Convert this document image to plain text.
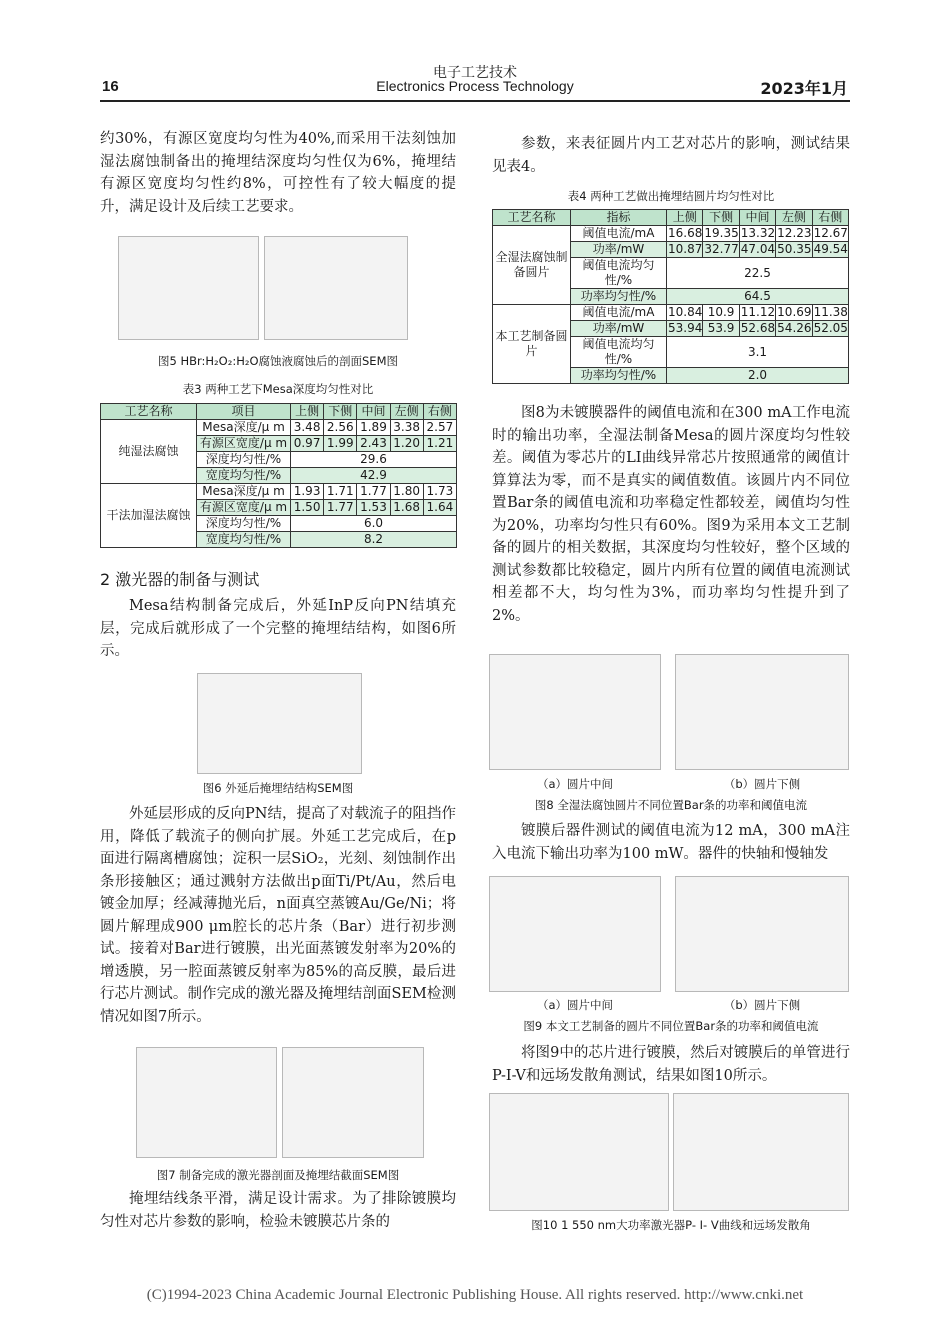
16
电子工艺技术
Electronics Process Technology	2023年1月
约30%，有源区宽度均匀性为40%,而采用干法刻蚀加湿法腐蚀制备出的掩埋结深度均匀性仅为6%，掩埋结有源区宽度均匀性约8%，可控性有了较大幅度的提升，满足设计及后续工艺要求。
图5 HBr:H₂O₂:H₂O腐蚀液腐蚀后的剖面SEM图
表3 两种工艺下Mesa深度均匀性对比
工艺名称	项目	上侧	下侧	中间	左侧	右侧
纯湿法腐蚀	Mesa深度/μ m	3.48	2.56	1.89	3.38	2.57
	有源区宽度/μ m	0.97	1.99	2.43	1.20	1.21
	深度均匀性/%	29.6				
	宽度均匀性/%	42.9				
干法加湿法腐蚀	Mesa深度/μ m	1.93	1.71	1.77	1.80	1.73
	有源区宽度/μ m	1.50	1.77	1.53	1.68	1.64
	深度均匀性/%	6.0				
	宽度均匀性/%	8.2				
2 激光器的制备与测试
Mesa结构制备完成后，外延InP反向PN结填充层，完成后就形成了一个完整的掩埋结结构，如图6所示。
图6 外延后掩埋结结构SEM图
外延层形成的反向PN结，提高了对载流子的阻挡作用，降低了载流子的侧向扩展。外延工艺完成后，在p面进行隔离槽腐蚀；淀积一层SiO₂，光刻、刻蚀制作出条形接触区；通过溅射方法做出p面Ti/Pt/Au，然后电镀金加厚；经减薄抛光后，n面真空蒸镀Au/Ge/Ni；将圆片解理成900 μm腔长的芯片条（Bar）进行初步测试。接着对Bar进行镀膜，出光面蒸镀发射率为20%的增透膜，另一腔面蒸镀反射率为85%的高反膜，最后进行芯片测试。制作完成的激光器及掩埋结剖面SEM检测情况如图7所示。
图7 制备完成的激光器剖面及掩埋结截面SEM图
掩埋结线条平滑，满足设计需求。为了排除镀膜均匀性对芯片参数的影响，检验未镀膜芯片条的
参数，来表征圆片内工艺对芯片的影响，测试结果见表4。
表4 两种工艺做出掩埋结圆片均匀性对比
工艺名称	指标	上侧	下侧	中间	左侧	右侧
全湿法腐蚀制备圆片	阈值电流/mA	16.68	19.35	13.32	12.23	12.67
	功率/mW	10.87	32.77	47.04	50.35	49.54
	阈值电流均匀性/%	22.5				
	功率均匀性/%	64.5				
本工艺制备圆片	阈值电流/mA	10.84	10.9	11.12	10.69	11.38
	功率/mW	53.94	53.9	52.68	54.26	52.05
	阈值电流均匀性/%	3.1				
	功率均匀性/%	2.0				
图8为未镀膜器件的阈值电流和在300 mA工作电流时的输出功率，全湿法制备Mesa的圆片深度均匀性较差。阈值为零芯片的LI曲线异常芯片按照通常的阈值计算算法为零，而不是真实的阈值数值。该圆片内不同位置Bar条的阈值电流和功率稳定性都较差，阈值均匀性为20%，功率均匀性只有60%。图9为采用本文工艺制备的圆片的相关数据，其深度均匀性较好，整个区域的测试参数都比较稳定，圆片内所有位置的阈值电流测试相差都不大，均匀性为3%，而功率均匀性提升到了2%。
（a）圆片中间	（b）圆片下侧
图8 全湿法腐蚀圆片不同位置Bar条的功率和阈值电流
镀膜后器件测试的阈值电流为12 mA，300 mA注入电流下输出功率为100 mW。器件的快轴和慢轴发
（a）圆片中间	（b）圆片下侧
图9 本文工艺制备的圆片不同位置Bar条的功率和阈值电流
将图9中的芯片进行镀膜，然后对镀膜后的单管进行P-I-V和远场发散角测试，结果如图10所示。
图10 1 550 nm大功率激光器P- I- V曲线和远场发散角
(C)1994-2023 China Academic Journal Electronic Publishing House. All rights reserved. http://www.cnki.net
